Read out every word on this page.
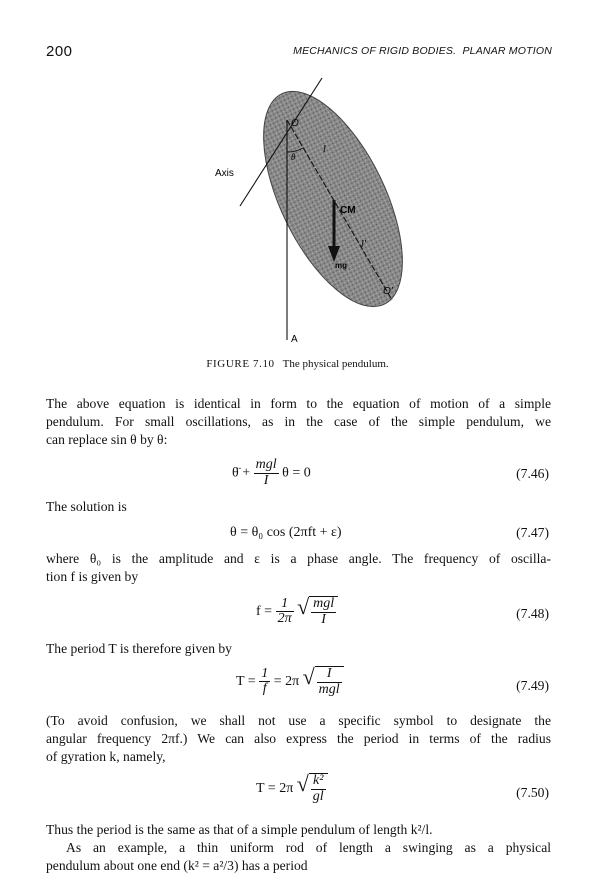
200	MECHANICS OF RIGID BODIES.  PLANAR MOTION
O
Axis
θ
l
CM
l'
mg
O'
A
FIGURE 7.10 The physical pendulum.
The above equation is identical in form to the equation of motion of a simple
pendulum. For small oscillations, as in the case of the simple pendulum, we
can replace sin θ by θ:
θ̈ + $\frac{\text{mgl}}{I}$ θ = 0	(7.46)
The solution is
θ = θ₀ cos (2πft + ε)	(7.47)
where θ₀ is the amplitude and ε is a phase angle. The frequency of oscilla-
tion f is given by
$f = \frac{1}{2\pi}$
√ $\frac{\text{mgl}}{I}$	(7.48)
The period T is therefore given by
$T = \frac{1}{f} = 2\pi$ √ $\frac{I}{\text{mgl}}$	(7.49)
(To avoid confusion, we shall not use a specific symbol to designate the
angular frequency 2πf.) We can also express the period in terms of the radius
of gyration k, namely,
T = 2π √ $\frac{\text{k²}}{gl}$	(7.50)
Thus the period is the same as that of a simple pendulum of length k²/l.
As an example, a thin uniform rod of length a swinging as a physical
pendulum about one end (k² = a²/3) has a period
